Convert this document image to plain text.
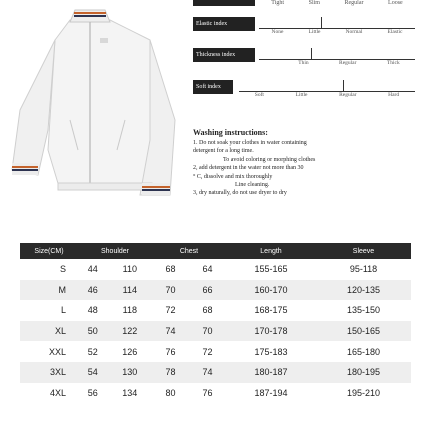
Tight	Slim	Regular	Loose
Elastic index
None	Little	Normal	Elastic
Thickness index
Thin	Regular	Thick
Soft index
Soft	Little	Regular	Hard
Washing instructions:
1. Do not soak your clothes in water containing
detergent for a long time.
To avoid coloring or morphing clothes
2, add detergent in the water not more than 30
° C, dissolve and mix thoroughly
Line cleaning.
3, dry naturally, do not use dryer to dry
Size(CM)	Shoulder		Chest		Length	Sleeve
S	44	110	68	64	155-165	95-118
M	46	114	70	66	160-170	120-135
L	48	118	72	68	168-175	135-150
XL	50	122	74	70	170-178	150-165
XXL	52	126	76	72	175-183	165-180
3XL	54	130	78	74	180-187	180-195
4XL	56	134	80	76	187-194	195-210
